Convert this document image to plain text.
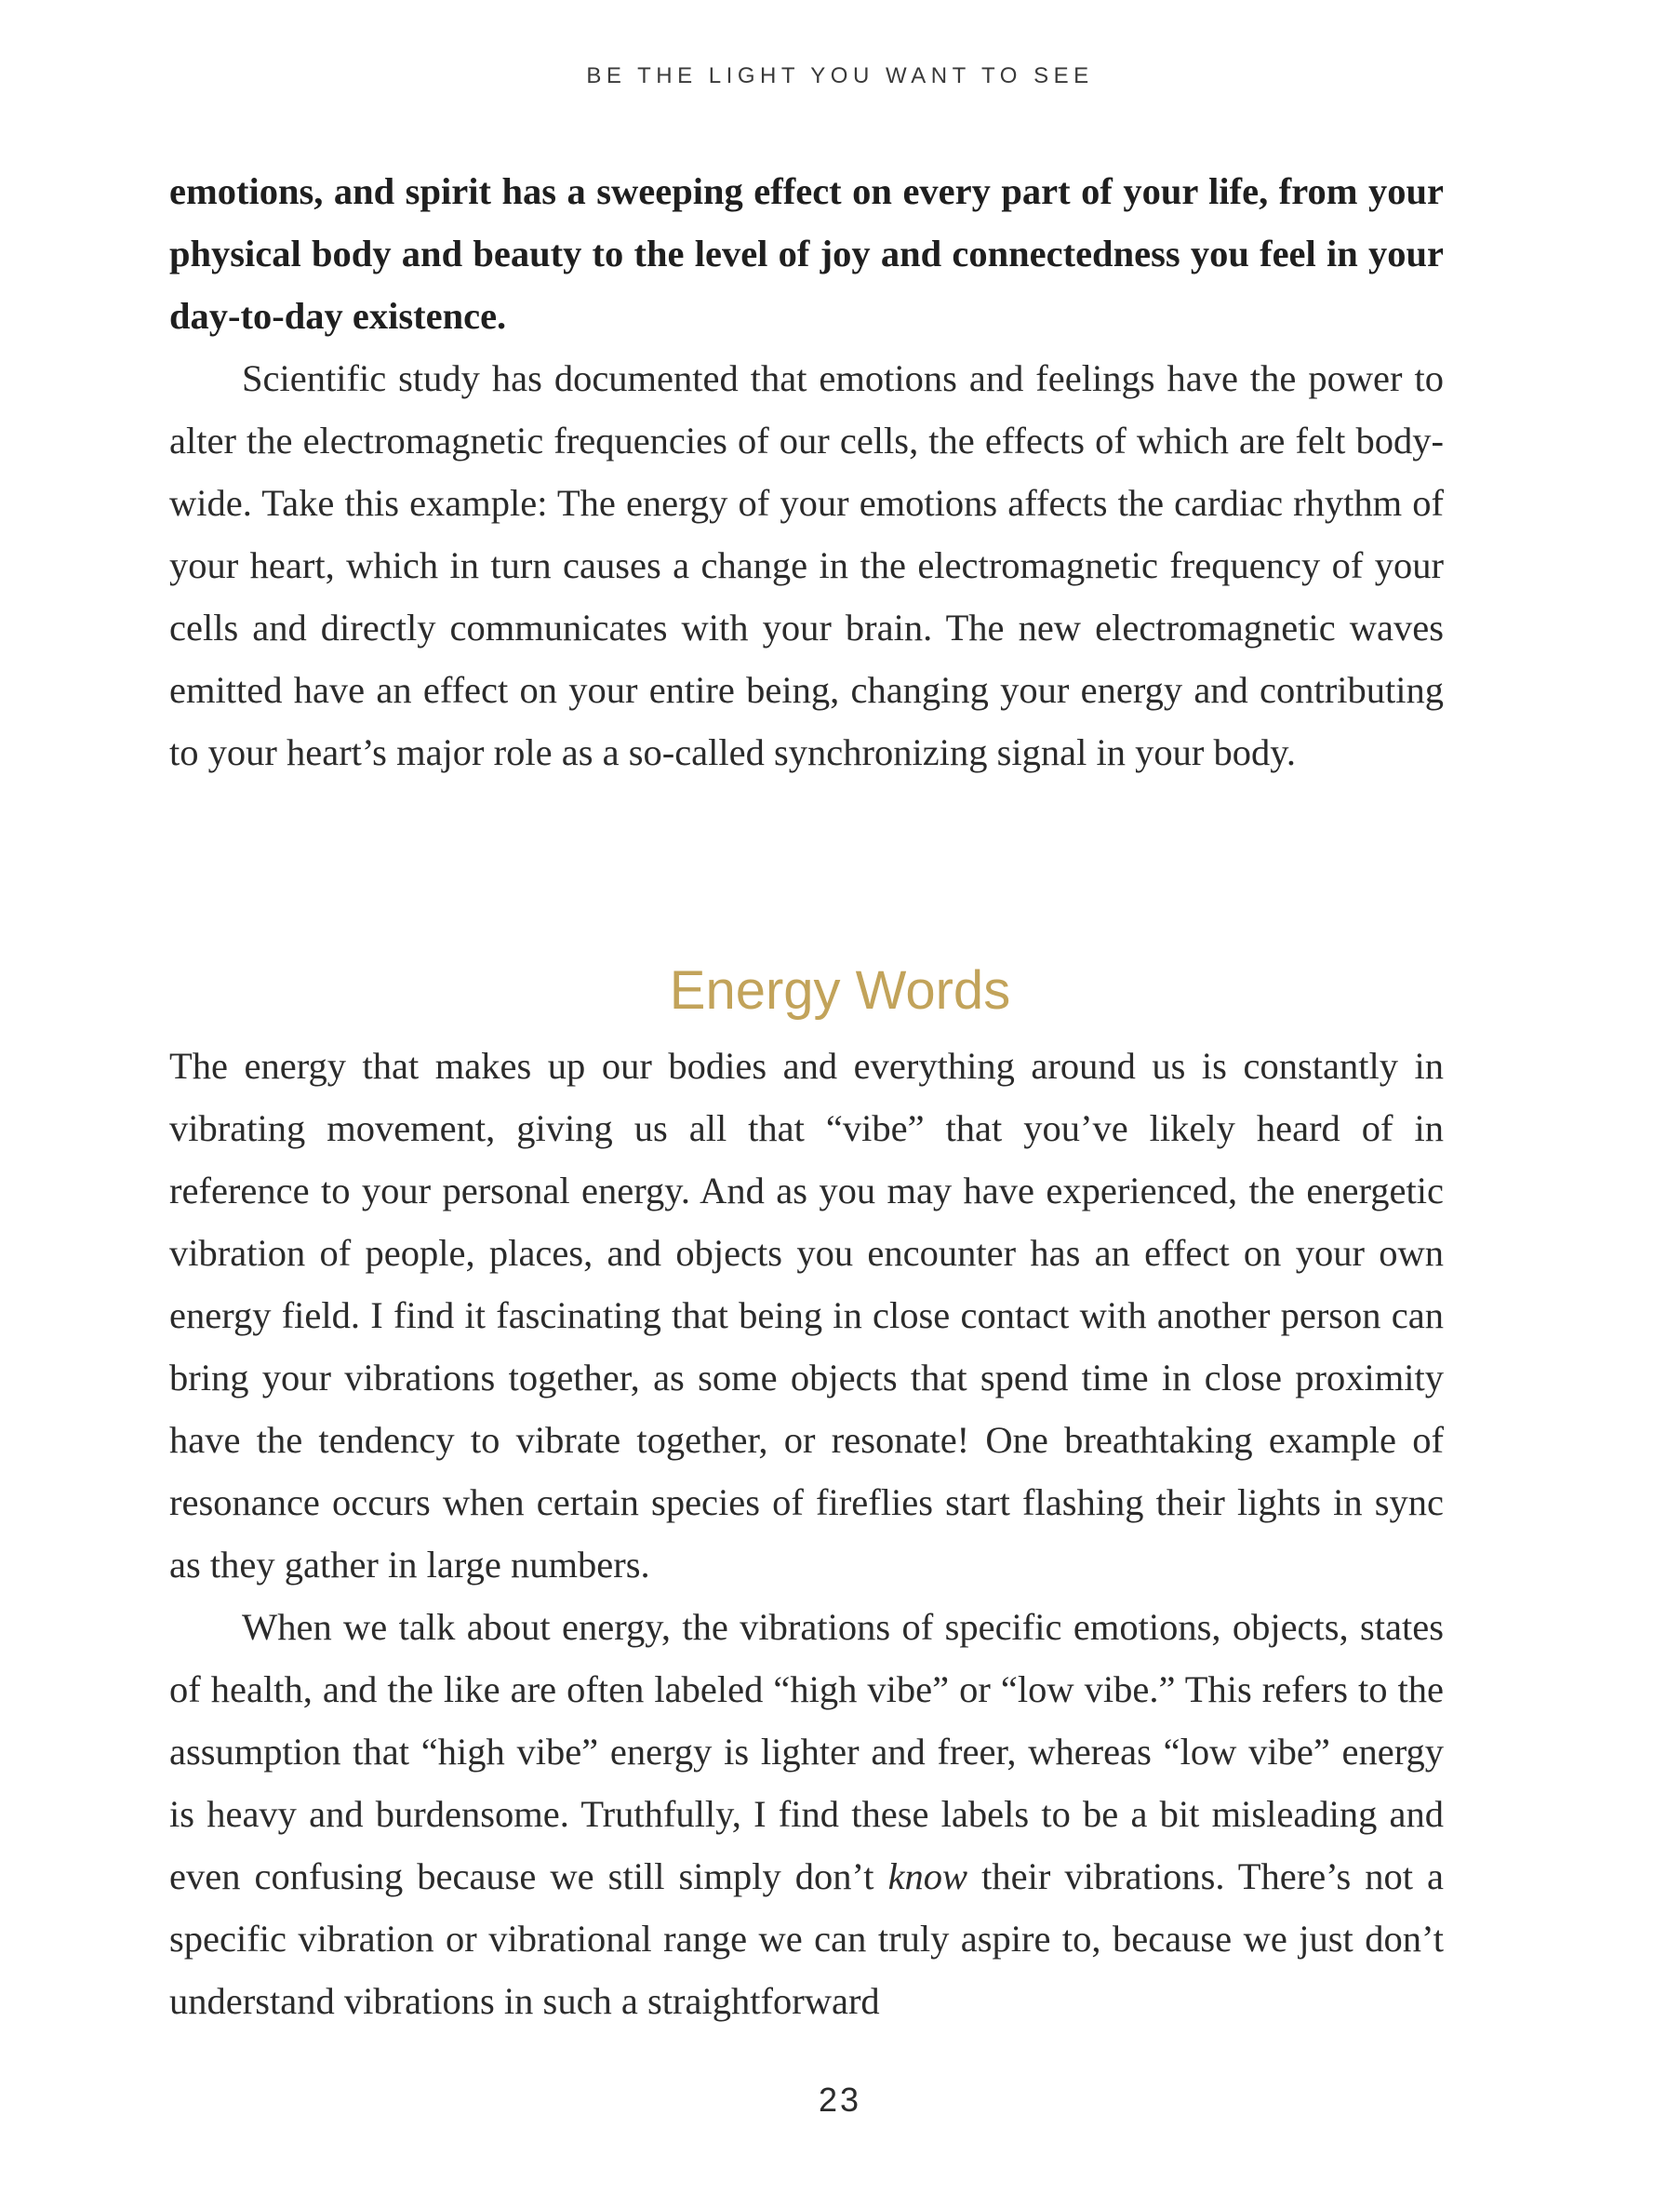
BE THE LIGHT YOU WANT TO SEE

emotions, and spirit has a sweeping effect on every part of your life, from your physical body and beauty to the level of joy and connectedness you feel in your day-to-day existence.

Scientific study has documented that emotions and feelings have the power to alter the electromagnetic frequencies of our cells, the effects of which are felt body-wide. Take this example: The energy of your emotions affects the cardiac rhythm of your heart, which in turn causes a change in the electromagnetic frequency of your cells and directly communicates with your brain. The new electromagnetic waves emitted have an effect on your entire being, changing your energy and contributing to your heart’s major role as a so-called synchronizing signal in your body.

Energy Words

The energy that makes up our bodies and everything around us is constantly in vibrating movement, giving us all that “vibe” that you’ve likely heard of in reference to your personal energy. And as you may have experienced, the energetic vibration of people, places, and objects you encounter has an effect on your own energy field. I find it fascinating that being in close contact with another person can bring your vibrations together, as some objects that spend time in close proximity have the tendency to vibrate together, or resonate! One breathtaking example of resonance occurs when certain species of fireflies start flashing their lights in sync as they gather in large numbers.

When we talk about energy, the vibrations of specific emotions, objects, states of health, and the like are often labeled “high vibe” or “low vibe.” This refers to the assumption that “high vibe” energy is lighter and freer, whereas “low vibe” energy is heavy and burdensome. Truthfully, I find these labels to be a bit misleading and even confusing because we still simply don’t know their vibrations. There’s not a specific vibration or vibrational range we can truly aspire to, because we just don’t understand vibrations in such a straightforward

23
